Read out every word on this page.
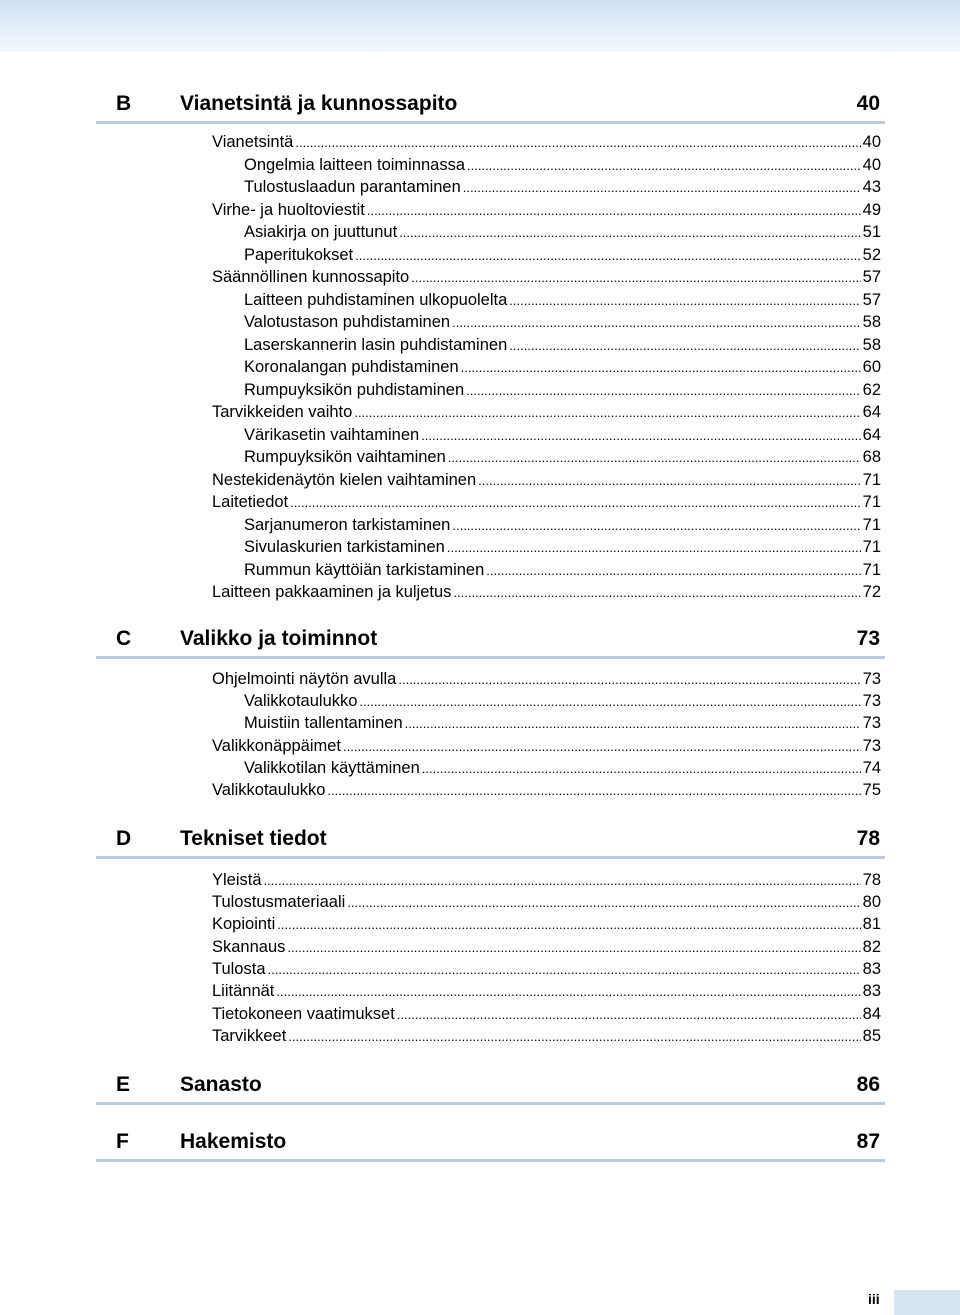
B Vianetsintä ja kunnossapito	40
Vianetsintä .....	40
Ongelmia laitteen toiminnassa .....	40
Tulostuslaadun parantaminen .....	43
Virhe- ja huoltoviestit .....	49
Asiakirja on juuttunut .....	51
Paperitukokset .....	52
Säännöllinen kunnossapito .....	57
Laitteen puhdistaminen ulkopuolelta .....	57
Valotustason puhdistaminen .....	58
Laserskannerin lasin puhdistaminen .....	58
Koronalangan puhdistaminen .....	60
Rumpuyksikön puhdistaminen .....	62
Tarvikkeiden vaihto .....	64
Värikasetin vaihtaminen .....	64
Rumpuyksikön vaihtaminen .....	68
Nestekidenäytön kielen vaihtaminen .....	71
Laitetiedot .....	71
Sarjanumeron tarkistaminen .....	71
Sivulaskurien tarkistaminen .....	71
Rummun käyttöiän tarkistaminen .....	71
Laitteen pakkaaminen ja kuljetus .....	72
C Valikko ja toiminnot	73
Ohjelmointi näytön avulla .....	73
Valikkotaulukko .....	73
Muistiin tallentaminen .....	73
Valikkonäppäimet .....	73
Valikkotilan käyttäminen .....	74
Valikkotaulukko .....	75
D Tekniset tiedot	78
Yleistä .....	78
Tulostusmateriaali .....	80
Kopiointi .....	81
Skannaus .....	82
Tulosta .....	83
Liitännät .....	83
Tietokoneen vaatimukset .....	84
Tarvikkeet .....	85
E Sanasto	86
F Hakemisto	87
iii
